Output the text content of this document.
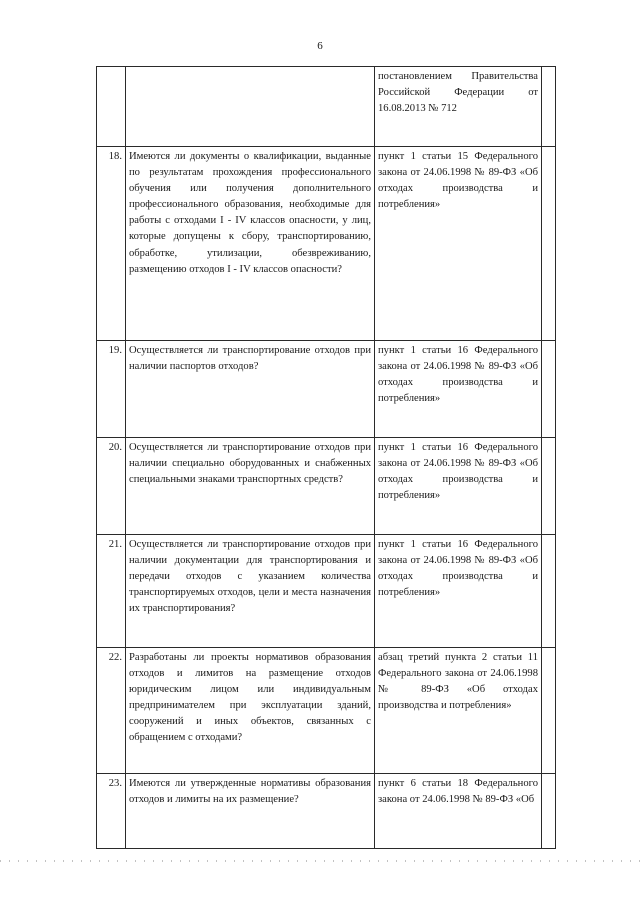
6
		постановлением Правительства Российской Федерации от 16.08.2013 № 712		
18.	Имеются ли документы о квалификации, выданные по результатам прохождения профессионального обучения или получения дополнительного профессионального образования, необходимые для работы с отходами I - IV классов опасности, у лиц, которые допущены к сбору, транспортированию, обработке, утилизации, обезвреживанию, размещению отходов I - IV классов опасности?	пункт 1 статьи 15 Федерального закона от 24.06.1998 № 89-ФЗ «Об отходах производства и потребления»		
19.	Осуществляется ли транспортирование отходов при наличии паспортов отходов?	пункт 1 статьи 16 Федерального закона от 24.06.1998 № 89-ФЗ «Об отходах производства и потребления»		
20.	Осуществляется ли транспортирование отходов при наличии специально оборудованных и снабженных специальными знаками транспортных средств?	пункт 1 статьи 16 Федерального закона от 24.06.1998 № 89-ФЗ «Об отходах производства и потребления»		
21.	Осуществляется ли транспортирование отходов при наличии документации для транспортирования и передачи отходов с указанием количества транспортируемых отходов, цели и места назначения их транспортирования?	пункт 1 статьи 16 Федерального закона от 24.06.1998 № 89-ФЗ «Об отходах производства и потребления»		
22.	Разработаны ли проекты нормативов образования отходов и лимитов на размещение отходов юридическим лицом или индивидуальным предпринимателем при эксплуатации зданий, сооружений и иных объектов, связанных с обращением с отходами?	абзац третий пункта 2 статьи 11 Федерального закона от 24.06.1998 № 89-ФЗ «Об отходах производства и потребления»		
23.	Имеются ли утвержденные нормативы образования отходов и лимиты на их размещение?	пункт 6 статьи 18 Федерального закона от 24.06.1998 № 89-ФЗ «Об		
